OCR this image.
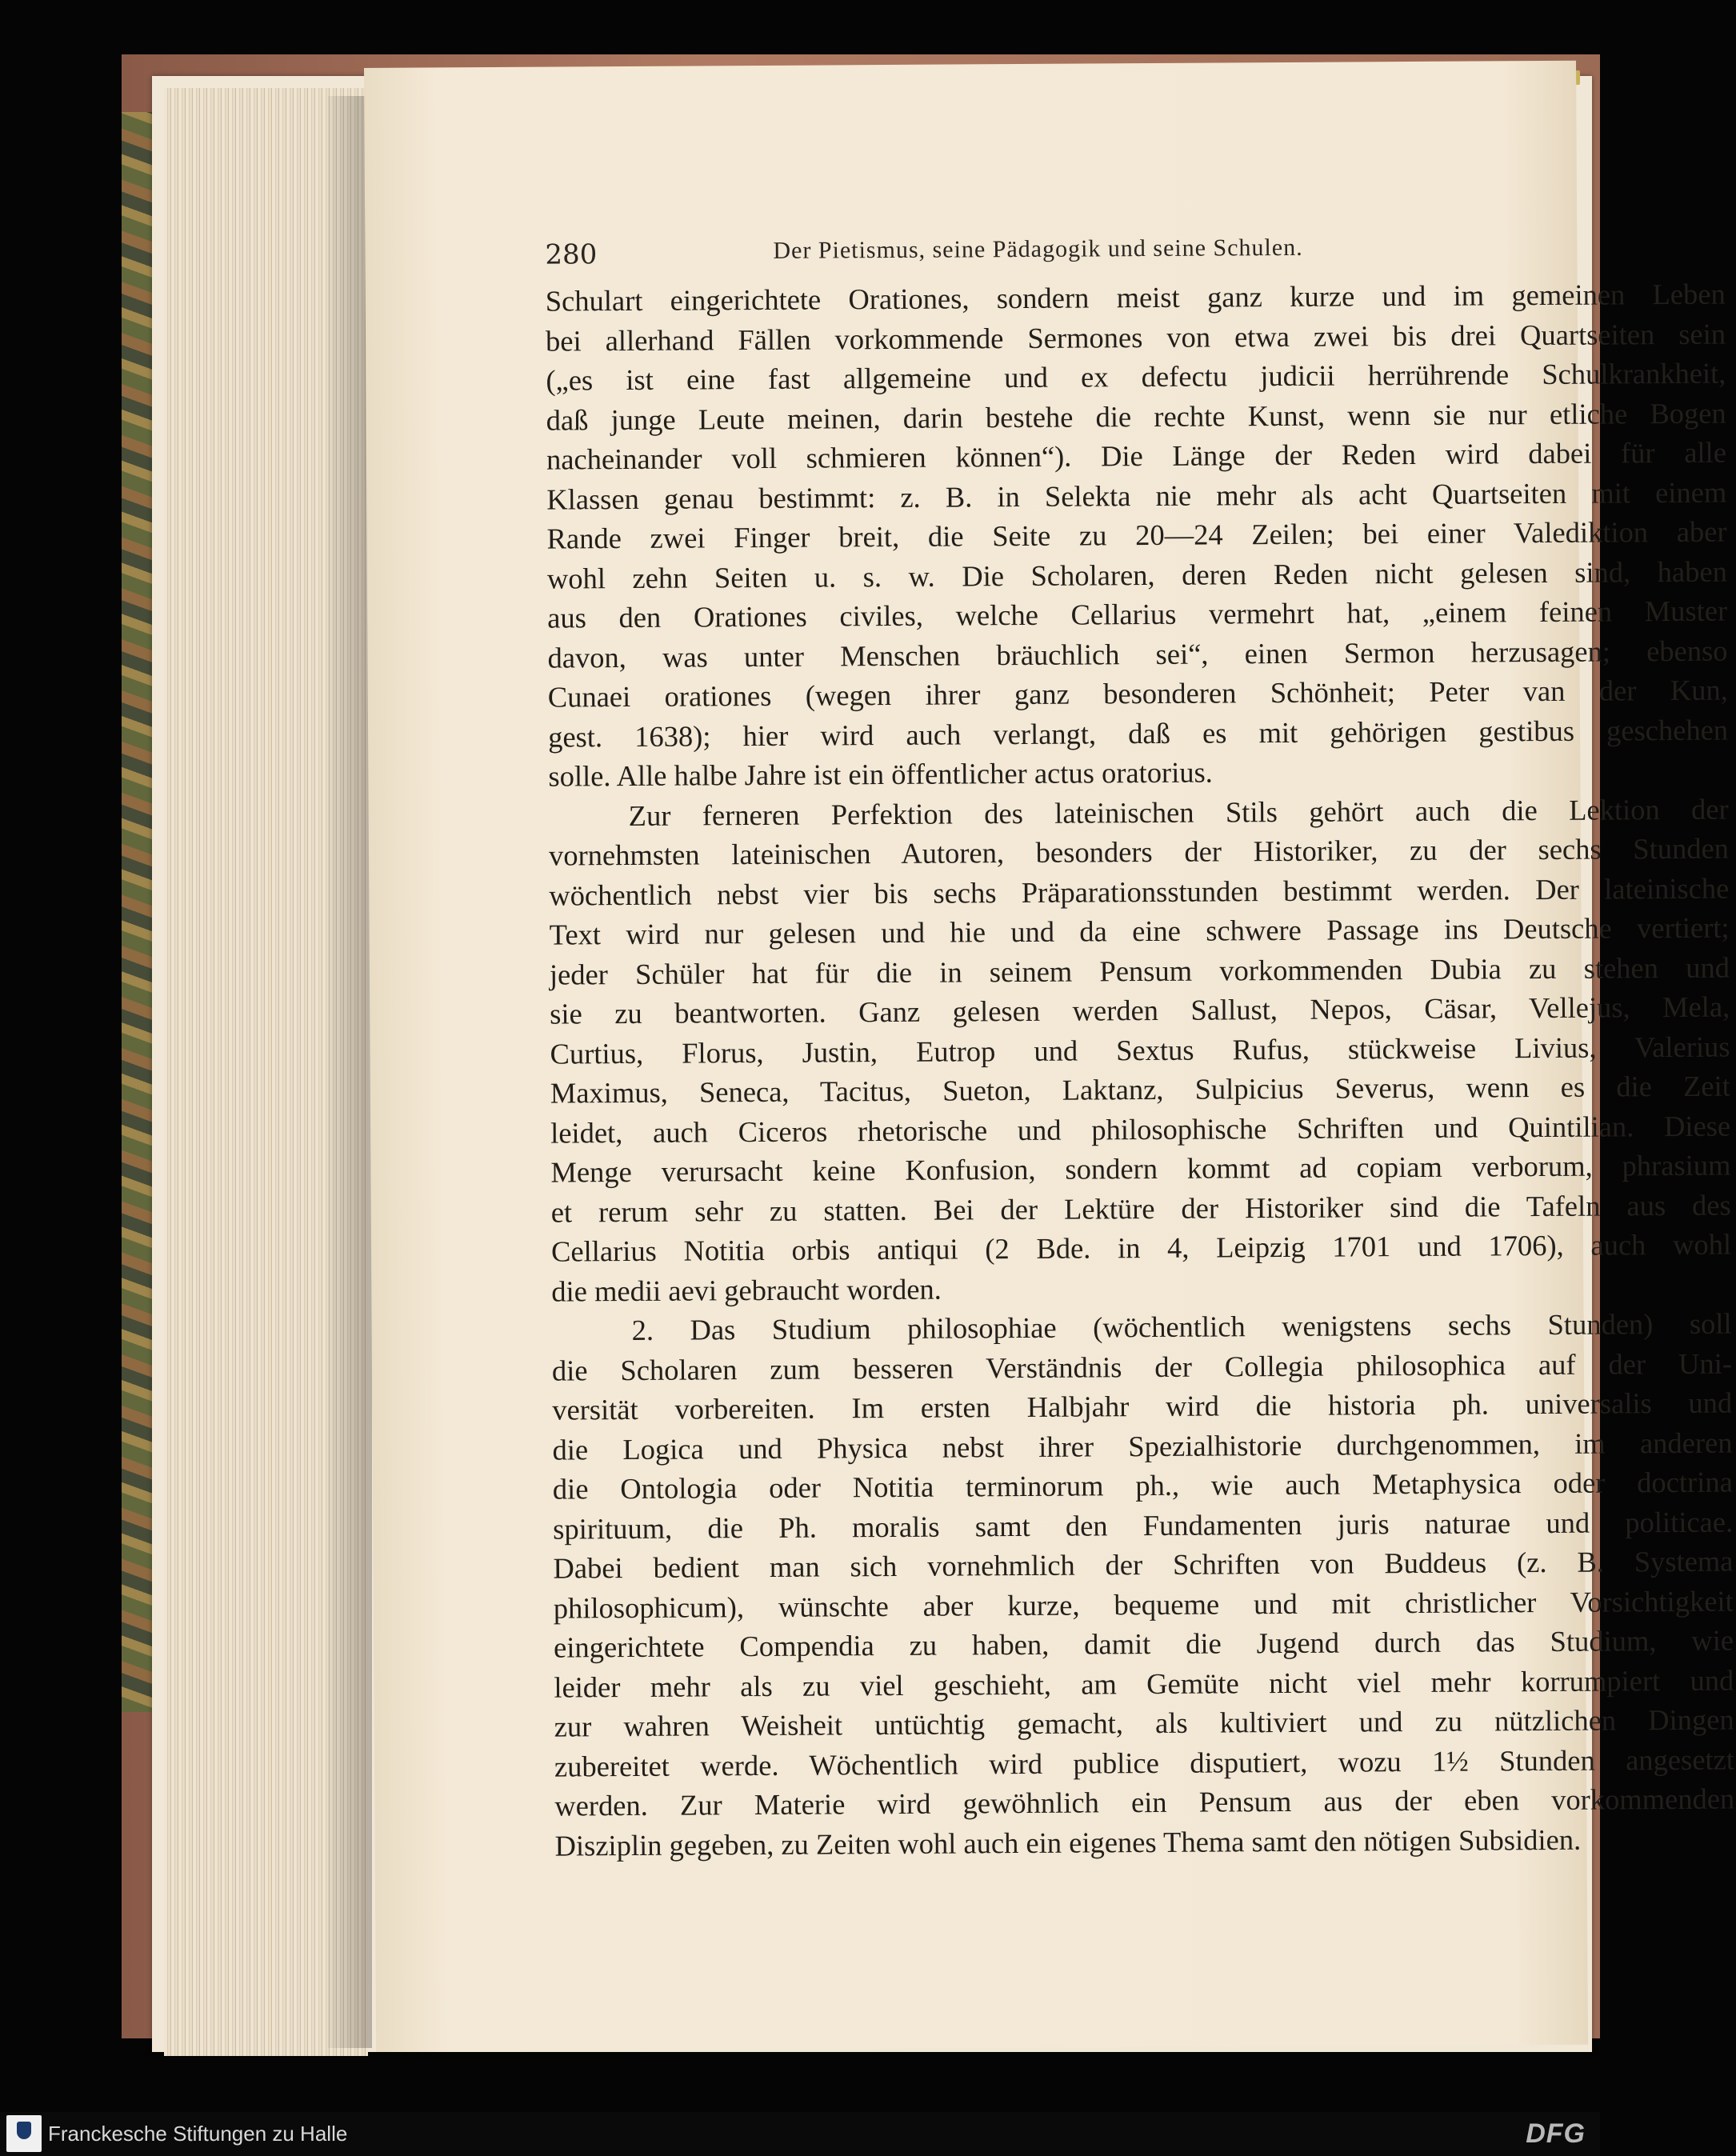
280	Der Pietismus, seine Pädagogik und seine Schulen.
Schulart eingerichtete Orationes, sondern meist ganz kurze und im gemeinen Leben
bei allerhand Fällen vorkommende Sermones von etwa zwei bis drei Quartseiten sein
(„es ist eine fast allgemeine und ex defectu judicii herrührende Schulkrankheit,
daß junge Leute meinen, darin bestehe die rechte Kunst, wenn sie nur etliche Bogen
nacheinander voll schmieren können“). Die Länge der Reden wird dabei für alle
Klassen genau bestimmt: z. B. in Selekta nie mehr als acht Quartseiten mit einem
Rande zwei Finger breit, die Seite zu 20—24 Zeilen; bei einer Valediktion aber
wohl zehn Seiten u. s. w. Die Scholaren, deren Reden nicht gelesen sind, haben
aus den Orationes civiles, welche Cellarius vermehrt hat, „einem feinen Muster
davon, was unter Menschen bräuchlich sei“, einen Sermon herzusagen; ebenso
Cunaei orationes (wegen ihrer ganz besonderen Schönheit; Peter van der Kun,
gest. 1638); hier wird auch verlangt, daß es mit gehörigen gestibus geschehen
solle. Alle halbe Jahre ist ein öffentlicher actus oratorius.
Zur ferneren Perfektion des lateinischen Stils gehört auch die Lektion der
vornehmsten lateinischen Autoren, besonders der Historiker, zu der sechs Stunden
wöchentlich nebst vier bis sechs Präparationsstunden bestimmt werden. Der lateinische
Text wird nur gelesen und hie und da eine schwere Passage ins Deutsche vertiert;
jeder Schüler hat für die in seinem Pensum vorkommenden Dubia zu stehen und
sie zu beantworten. Ganz gelesen werden Sallust, Nepos, Cäsar, Vellejus, Mela,
Curtius, Florus, Justin, Eutrop und Sextus Rufus, stückweise Livius, Valerius
Maximus, Seneca, Tacitus, Sueton, Laktanz, Sulpicius Severus, wenn es die Zeit
leidet, auch Ciceros rhetorische und philosophische Schriften und Quintilian. Diese
Menge verursacht keine Konfusion, sondern kommt ad copiam verborum, phrasium
et rerum sehr zu statten. Bei der Lektüre der Historiker sind die Tafeln aus des
Cellarius Notitia orbis antiqui (2 Bde. in 4, Leipzig 1701 und 1706), auch wohl
die medii aevi gebraucht worden.
2. Das Studium philosophiae (wöchentlich wenigstens sechs Stunden) soll
die Scholaren zum besseren Verständnis der Collegia philosophica auf der Uni-
versität vorbereiten. Im ersten Halbjahr wird die historia ph. universalis und
die Logica und Physica nebst ihrer Spezialhistorie durchgenommen, im anderen
die Ontologia oder Notitia terminorum ph., wie auch Metaphysica oder doctrina
spirituum, die Ph. moralis samt den Fundamenten juris naturae und politicae.
Dabei bedient man sich vornehmlich der Schriften von Buddeus (z. B. Systema
philosophicum), wünschte aber kurze, bequeme und mit christlicher Vorsichtigkeit
eingerichtete Compendia zu haben, damit die Jugend durch das Studium, wie
leider mehr als zu viel geschieht, am Gemüte nicht viel mehr korrumpiert und
zur wahren Weisheit untüchtig gemacht, als kultiviert und zu nützlichen Dingen
zubereitet werde. Wöchentlich wird publice disputiert, wozu 1½ Stunden angesetzt
werden. Zur Materie wird gewöhnlich ein Pensum aus der eben vorkommenden
Disziplin gegeben, zu Zeiten wohl auch ein eigenes Thema samt den nötigen Subsidien.
Franckesche Stiftungen zu Halle	DFG
